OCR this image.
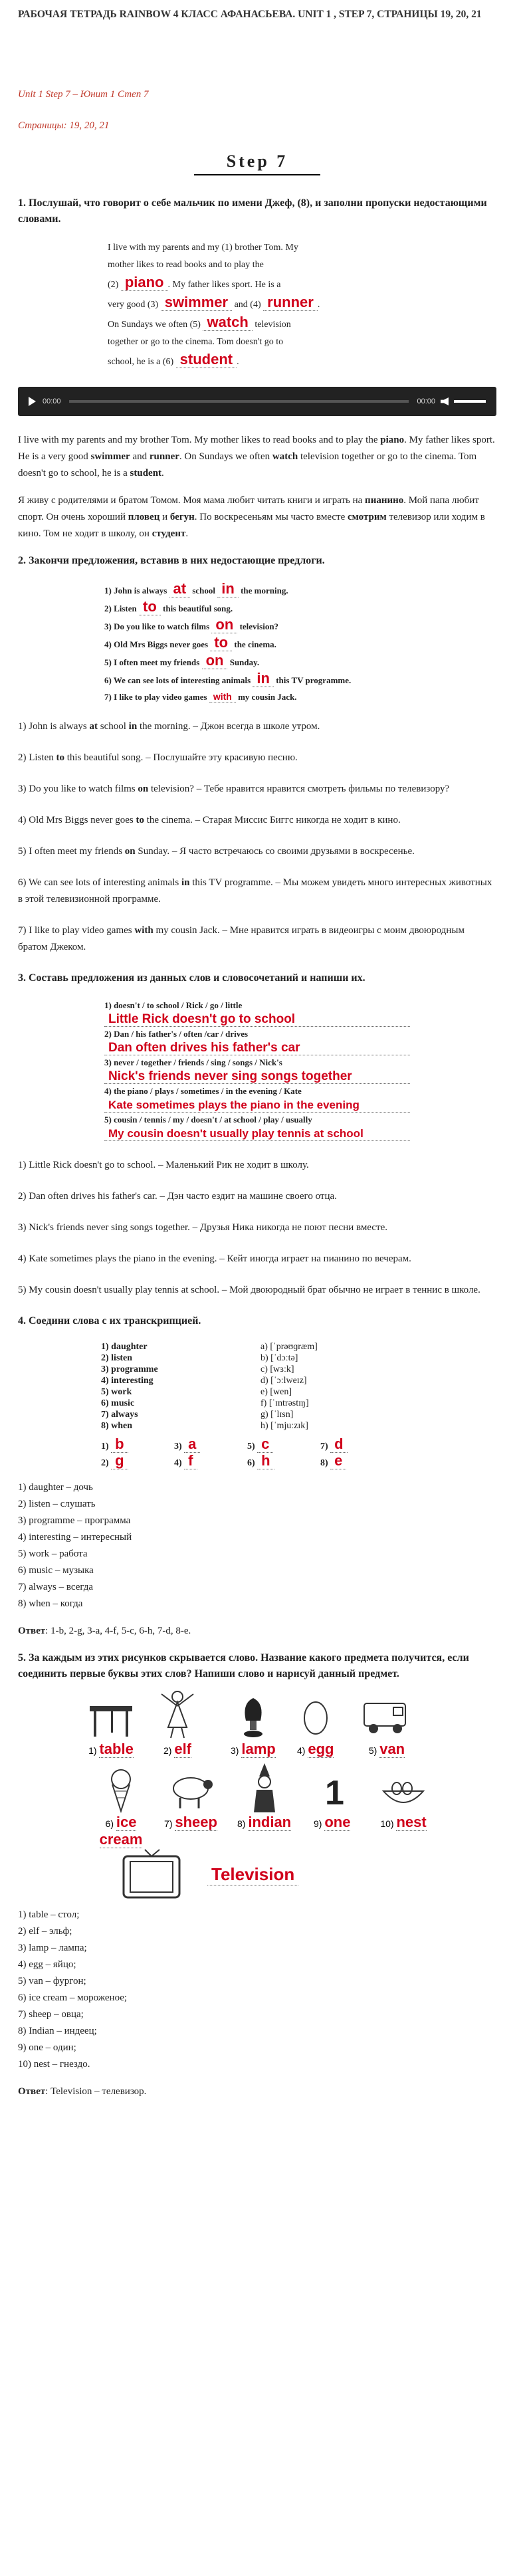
РАБОЧАЯ ТЕТРАДЬ RAINBOW 4 КЛАСС АФАНАСЬЕВА. UNIT 1 , STEP 7, СТРАНИЦЫ 19, 20, 21
Unit 1 Step 7 – Юнит 1 Степ 7
Страницы: 19, 20, 21
Step 7
1. Послушай, что говорит о себе мальчик по имени Джеф, (8), и заполни пропуски недостающими словами.
I live with my parents and my (1) brother Tom. My
mother likes to read books and to play the
(2) piano . My father likes sport. He is a
very good (3) swimmer and (4) runner .
On Sundays we often (5) watch television
together or go to the cinema. Tom doesn't go to
school, he is a (6) student .
00:00	00:00

I live with my parents and my brother Tom. My mother likes to read books and to play the piano. My father likes sport. He is a very good swimmer and runner. On Sundays we often watch television together or go to the cinema. Tom doesn't go to school, he is a student.

Я живу с родителями и братом Томом. Моя мама любит читать книги и играть на пианино. Мой папа любит спорт. Он очень хороший пловец и бегун. По воскресеньям мы часто вместе смотрим телевизор или ходим в кино. Том не ходит в школу, он студент.

2. Закончи предложения, вставив в них недостающие предлоги.
1) John is always at school in the morning.
2) Listen to this beautiful song.
3) Do you like to watch films on television?
4) Old Mrs Biggs never goes to the cinema.
5) I often meet my friends on Sunday.
6) We can see lots of interesting animals in this TV programme.
7) I like to play video games with my cousin Jack.

1) John is always at school in the morning. – Джон всегда в школе утром.

2) Listen to this beautiful song. – Послушайте эту красивую песню.

3) Do you like to watch films on television? – Тебе нравится нравится смотреть фильмы по телевизору?

4) Old Mrs Biggs never goes to the cinema. – Старая Миссис Биггс никогда не ходит в кино.

5) I often meet my friends on Sunday. – Я часто встречаюсь со своими друзьями в воскресенье.

6) We can see lots of interesting animals in this TV programme. – Мы можем увидеть много интересных животных в этой телевизионной программе.

7) I like to play video games with my cousin Jack. – Мне нравится играть в видеоигры с моим двоюродным братом Джеком.

3. Составь предложения из данных слов и словосочетаний и напиши их.
1) doesn't / to school / Rick / go / little
Little Rick doesn't go to school
2) Dan / his father's / often /car / drives
Dan often drives his father's car
3) never / together / friends / sing / songs / Nick's
Nick's friends never sing songs together
4) the piano / plays / sometimes / in the evening / Kate
Kate sometimes plays the piano in the evening
5) cousin / tennis / my / doesn't / at school / play / usually
My cousin doesn't usually play tennis at school

1) Little Rick doesn't go to school. – Маленький Рик не ходит в школу.

2) Dan often drives his father's car. – Дэн часто ездит на машине своего отца.

3) Nick's friends never sing songs together. – Друзья Ника никогда не поют песни вместе.

4) Kate sometimes plays the piano in the evening. – Кейт иногда играет на пианино по вечерам.

5) My cousin doesn't usually play tennis at school. – Мой двоюродный брат обычно не играет в теннис в школе.

4. Соедини слова с их транскрипцией.
1) daughter
2) listen
3) programme
4) interesting
5) work
6) music
7) always
8) when
a) [ˈprəʊɡræm]
b) [ˈdɔːtə]
c) [wɜːk]
d) [ˈɔːlweɪz]
e) [wen]
f) [ˈɪntrəstɪŋ]
g) [ˈlɪsn]
h) [ˈmjuːzɪk]
1) b	3) a	5) c	7) d
2) g	4) f	6) h	8) e

1) daughter – дочь

2) listen – слушать

3) programme – программа

4) interesting – интересный

5) work – работа

6) music – музыка

7) always – всегда

8) when – когда

Ответ: 1-b, 2-g, 3-a, 4-f, 5-c, 6-h, 7-d, 8-e.

5. За каждым из этих рисунков скрывается слово. Название какого предмета получится, если соединить первые буквы этих слов? Напиши слово и нарисуй данный предмет.
1) table	2) elf	3) lamp 4) egg	5) van
6) ice cream
7) sheep 8) indian
1
9) one	10) nest
Television

1) table – стол;

2) elf – эльф;

3) lamp – лампа;

4) egg – яйцо;

5) van – фургон;

6) ice cream – мороженое;

7) sheep – овца;

8) Indian – индеец;

9) one – один;

10) nest – гнездо.

Ответ: Television – телевизор.
